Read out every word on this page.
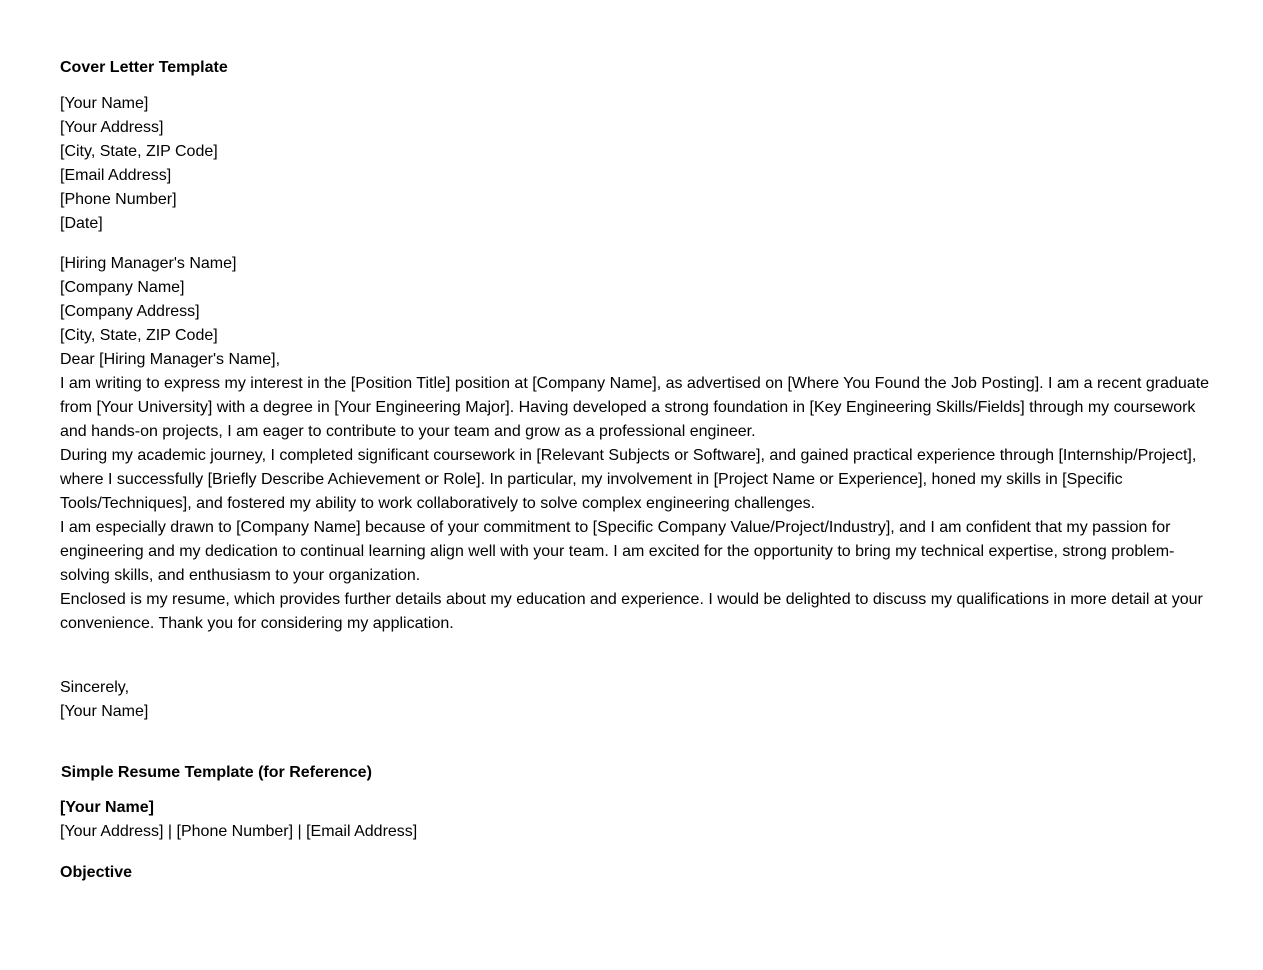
Cover Letter Template
[Your Name]
[Your Address]
[City, State, ZIP Code]
[Email Address]
[Phone Number]
[Date]
[Hiring Manager's Name]
[Company Name]
[Company Address]
[City, State, ZIP Code]

Dear [Hiring Manager's Name],

I am writing to express my interest in the [Position Title] position at [Company Name], as advertised on [Where You Found the Job Posting]. I am a recent graduate from [Your University] with a degree in [Your Engineering Major]. Having developed a strong foundation in [Key Engineering Skills/Fields] through my coursework and hands-on projects, I am eager to contribute to your team and grow as a professional engineer.

During my academic journey, I completed significant coursework in [Relevant Subjects or Software], and gained practical experience through [Internship/Project], where I successfully [Briefly Describe Achievement or Role]. In particular, my involvement in [Project Name or Experience], honed my skills in [Specific Tools/Techniques], and fostered my ability to work collaboratively to solve complex engineering challenges.

I am especially drawn to [Company Name] because of your commitment to [Specific Company Value/Project/Industry], and I am confident that my passion for engineering and my dedication to continual learning align well with your team. I am excited for the opportunity to bring my technical expertise, strong problem-solving skills, and enthusiasm to your organization.

Enclosed is my resume, which provides further details about my education and experience. I would be delighted to discuss my qualifications in more detail at your convenience. Thank you for considering my application.

Sincerely,
[Your Name]
Simple Resume Template (for Reference)
[Your Name]
[Your Address] | [Phone Number] | [Email Address]
Objective
